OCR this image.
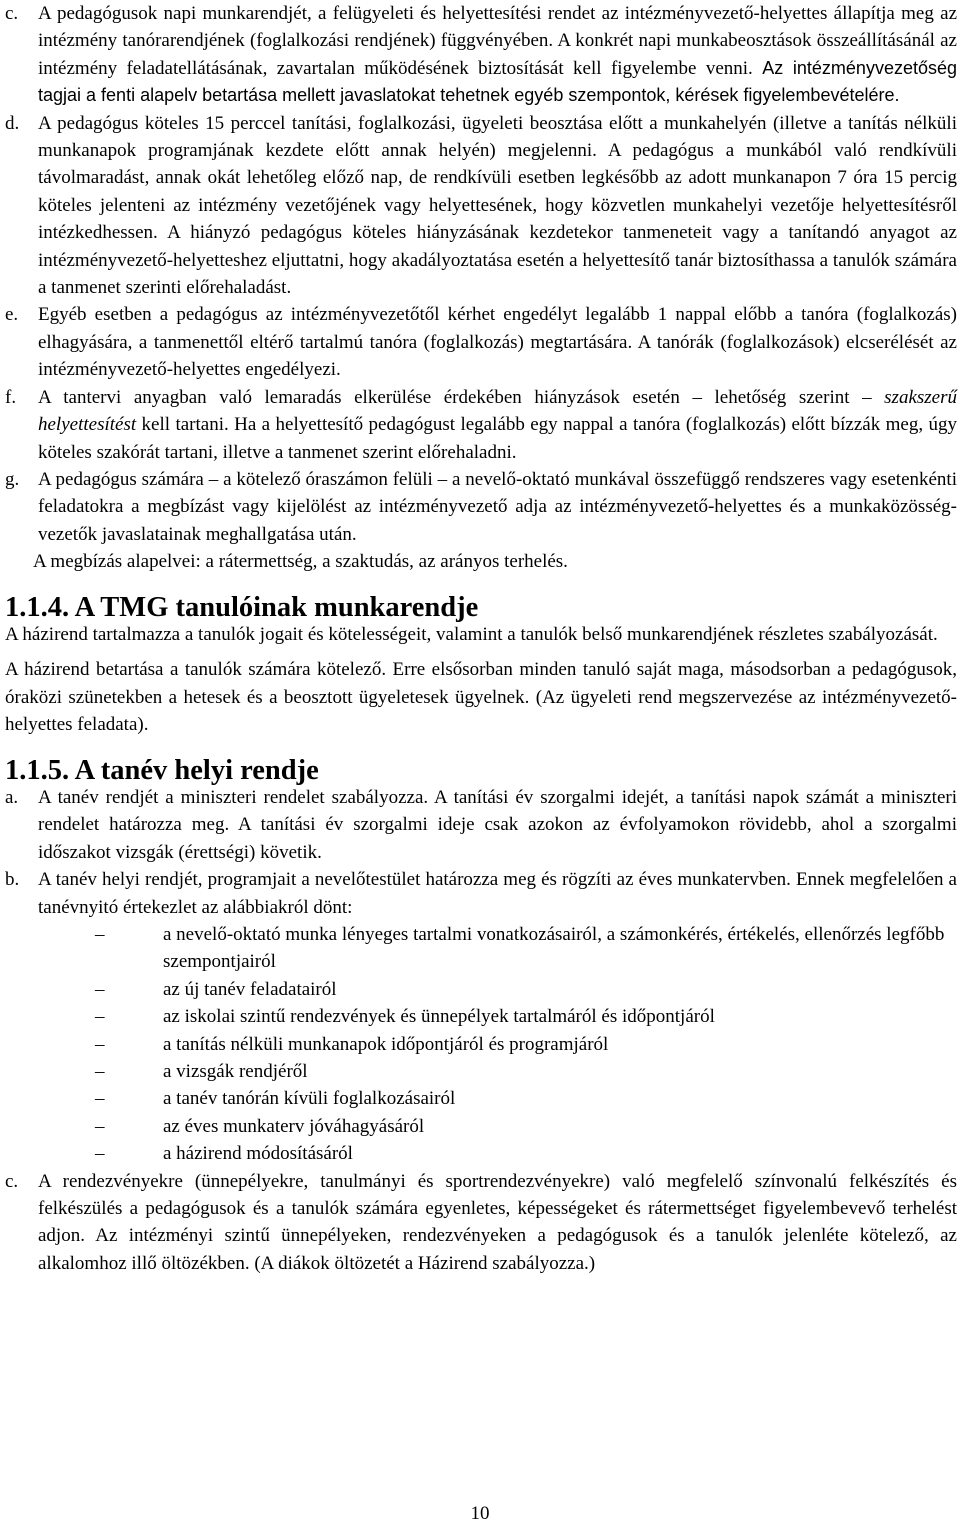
c. A pedagógusok napi munkarendjét, a felügyeleti és helyettesítési rendet az intézményvezető-helyettes állapítja meg az intézmény tanórarendjének (foglalkozási rendjének) függvényében. A konkrét napi munkabeosztások összeállításánál az intézmény feladatellátásának, zavartalan működésének biztosítását kell figyelembe venni. Az intézményvezetőség tagjai a fenti alapelv betartása mellett javaslatokat tehetnek egyéb szempontok, kérések figyelembevételére.
d. A pedagógus köteles 15 perccel tanítási, foglalkozási, ügyeleti beosztása előtt a munkahelyén (illetve a tanítás nélküli munkanapok programjának kezdete előtt annak helyén) megjelenni. A pedagógus a munkából való rendkívüli távolmaradást, annak okát lehetőleg előző nap, de rendkívüli esetben legkésőbb az adott munkanapon 7 óra 15 percig köteles jelenteni az intézmény vezetőjének vagy helyettesének, hogy közvetlen munkahelyi vezetője helyettesítésről intézkedhessen. A hiányzó pedagógus köteles hiányzásának kezdetekor tanmeneteit vagy a tanítandó anyagot az intézményvezető-helyetteshez eljuttatni, hogy akadályoztatása esetén a helyettesítő tanár biztosíthassa a tanulók számára a tanmenet szerinti előrehaladást.
e. Egyéb esetben a pedagógus az intézményvezetőtől kérhet engedélyt legalább 1 nappal előbb a tanóra (foglalkozás) elhagyására, a tanmenettől eltérő tartalmú tanóra (foglalkozás) megtartására. A tanórák (foglalkozások) elcserélését az intézményvezető-helyettes engedélyezi.
f. A tantervi anyagban való lemaradás elkerülése érdekében hiányzások esetén – lehetőség szerint – szakszerű helyettesítést kell tartani. Ha a helyettesítő pedagógust legalább egy nappal a tanóra (foglalkozás) előtt bízzák meg, úgy köteles szakórát tartani, illetve a tanmenet szerint előrehaladni.
g. A pedagógus számára – a kötelező óraszámon felüli – a nevelő-oktató munkával összefüggő rendszeres vagy esetenkénti feladatokra a megbízást vagy kijelölést az intézményvezető adja az intézményvezető-helyettes és a munkaközösség-vezetők javaslatainak meghallgatása után.

A megbízás alapelvei: a rátermettség, a szaktudás, az arányos terhelés.

1.1.4. A TMG tanulóinak munkarendje

A házirend tartalmazza a tanulók jogait és kötelességeit, valamint a tanulók belső munkarendjének részletes szabályozását.

A házirend betartása a tanulók számára kötelező. Erre elsősorban minden tanuló saját maga, másodsorban a pedagógusok, óraközi szünetekben a hetesek és a beosztott ügyeletesek ügyelnek. (Az ügyeleti rend megszervezése az intézményvezető-helyettes feladata).

1.1.5. A tanév helyi rendje
a. A tanév rendjét a miniszteri rendelet szabályozza. A tanítási év szorgalmi idejét, a tanítási napok számát a miniszteri rendelet határozza meg. A tanítási év szorgalmi ideje csak azokon az évfolyamokon rövidebb, ahol a szorgalmi időszakot vizsgák (érettségi) követik.
b. A tanév helyi rendjét, programjait a nevelőtestület határozza meg és rögzíti az éves munkatervben. Ennek megfelelően a tanévnyitó értekezlet az alábbiakról dönt:
–	a nevelő-oktató munka lényeges tartalmi vonatkozásairól, a számonkérés, értékelés, ellenőrzés legfőbb szempontjairól
–	az új tanév feladatairól
–	az iskolai szintű rendezvények és ünnepélyek tartalmáról és időpontjáról
–	a tanítás nélküli munkanapok időpontjáról és programjáról
–	a vizsgák rendjéről
–	a tanév tanórán kívüli foglalkozásairól
–	az éves munkaterv jóváhagyásáról
–	a házirend módosításáról
c. A rendezvényekre (ünnepélyekre, tanulmányi és sportrendezvényekre) való megfelelő színvonalú felkészítés és felkészülés a pedagógusok és a tanulók számára egyenletes, képességeket és rátermettséget figyelembevevő terhelést adjon. Az intézményi szintű ünnepélyeken, rendezvényeken a pedagógusok és a tanulók jelenléte kötelező, az alkalomhoz illő öltözékben. (A diákok öltözetét a Házirend szabályozza.)
10
